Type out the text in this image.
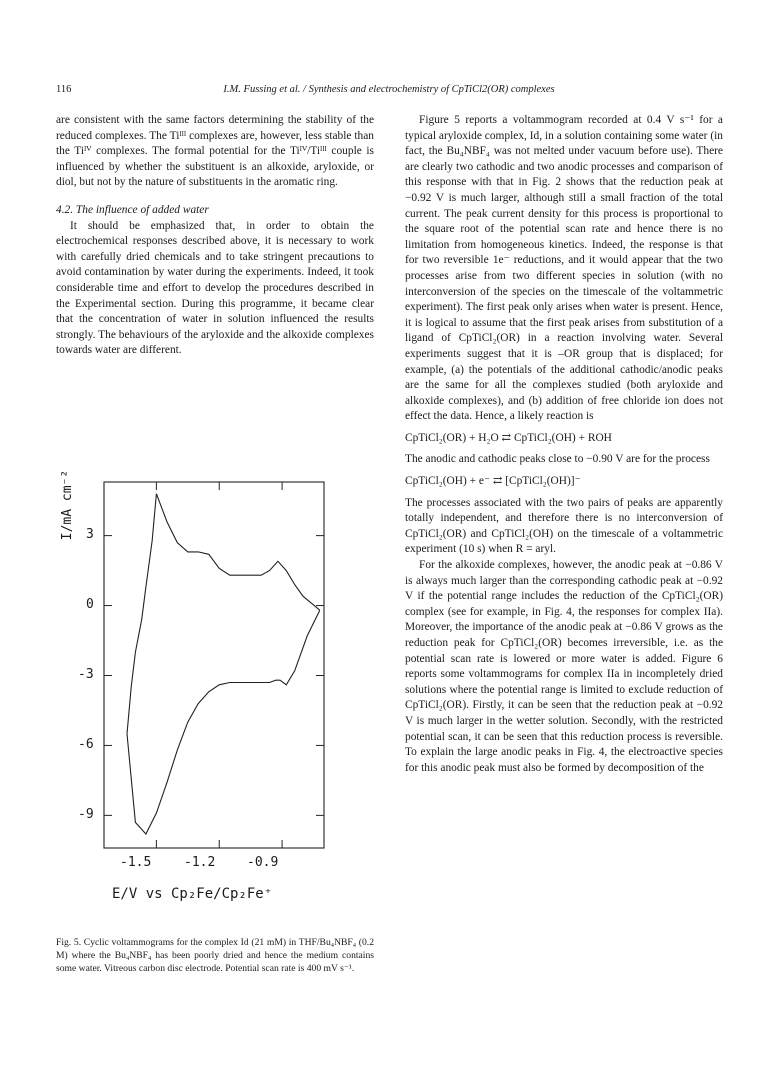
116	I.M. Fussing et al. / Synthesis and electrochemistry of CpTiCl2(OR) complexes

are consistent with the same factors determining the stability of the reduced complexes. The Tiᴵᴵᴵ complexes are, however, less stable than the Tiᴵⱽ complexes. The formal potential for the Tiᴵⱽ/Tiᴵᴵᴵ couple is influenced by whether the substituent is an alkoxide, aryloxide, or diol, but not by the nature of substituents in the aromatic ring.

4.2. The influence of added water

It should be emphasized that, in order to obtain the electrochemical responses described above, it is necessary to work with carefully dried chemicals and to take stringent precautions to avoid contamination by water during the experiments. Indeed, it took considerable time and effort to develop the procedures described in the Experimental section. During this programme, it became clear that the concentration of water in solution influenced the results strongly. The behaviours of the aryloxide and the alkoxide complexes towards water are different.

I/mA cm⁻² 3
0
-3
-6
-9
-1.5	-1.2 -0.9
E/V vs Cp₂Fe/Cp₂Fe⁺
Fig. 5. Cyclic voltammograms for the complex Id (21 mM) in THF/Bu₄NBF₄ (0.2 M) where the Bu₄NBF₄ has been poorly dried and hence the medium contains some water. Vitreous carbon disc electrode. Potential scan rate is 400 mV s⁻¹.

Figure 5 reports a voltammogram recorded at 0.4 V s⁻¹ for a typical aryloxide complex, Id, in a solution containing some water (in fact, the Bu₄NBF₄ was not melted under vacuum before use). There are clearly two cathodic and two anodic processes and comparison of this response with that in Fig. 2 shows that the reduction peak at −0.92 V is much larger, although still a small fraction of the total current. The peak current density for this process is proportional to the square root of the potential scan rate and hence there is no limitation from homogeneous kinetics. Indeed, the response is that for two reversible 1e⁻ reductions, and it would appear that the two processes arise from two different species in solution (with no interconversion of the species on the timescale of the voltammetric experiment). The first peak only arises when water is present. Hence, it is logical to assume that the first peak arises from substitution of a ligand of CpTiCl₂(OR) in a reaction involving water. Several experiments suggest that it is –OR group that is displaced; for example, (a) the potentials of the additional cathodic/anodic peaks are the same for all the complexes studied (both aryloxide and alkoxide complexes), and (b) addition of free chloride ion does not effect the data. Hence, a likely reaction is

CpTiCl₂(OR) + H₂O ⇄ CpTiCl₂(OH) + ROH

The anodic and cathodic peaks close to −0.90 V are for the process

CpTiCl₂(OH) + e⁻ ⇄ [CpTiCl₂(OH)]⁻

The processes associated with the two pairs of peaks are apparently totally independent, and therefore there is no interconversion of CpTiCl₂(OR) and CpTiCl₂(OH) on the timescale of a voltammetric experiment (10 s) when R = aryl.

For the alkoxide complexes, however, the anodic peak at −0.86 V is always much larger than the corresponding cathodic peak at −0.92 V if the potential range includes the reduction of the CpTiCl₂(OR) complex (see for example, in Fig. 4, the responses for complex IIa). Moreover, the importance of the anodic peak at −0.86 V grows as the reduction peak for CpTiCl₂(OR) becomes irreversible, i.e. as the potential scan rate is lowered or more water is added. Figure 6 reports some voltammograms for complex IIa in incompletely dried solutions where the potential range is limited to exclude reduction of CpTiCl₂(OR). Firstly, it can be seen that the reduction peak at −0.92 V is much larger in the wetter solution. Secondly, with the restricted potential scan, it can be seen that this reduction process is reversible. To explain the large anodic peaks in Fig. 4, the electroactive species for this anodic peak must also be formed by decomposition of the
